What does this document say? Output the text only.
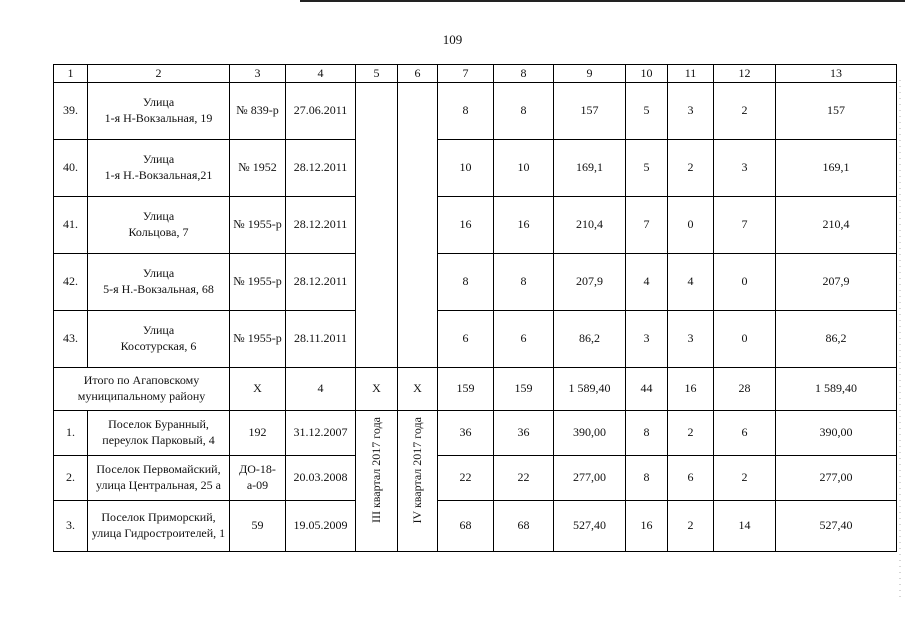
109
1	2	3	4	5	6	7	8	9	10	11	12	13
39.	Улица
1-я Н-Вокзальная, 19	№ 839-р	27.06.2011			8	8	157	5	3	2	157
40.	Улица
1-я Н.-Вокзальная,21	№ 1952	28.12.2011			10	10	169,1	5	2	3	169,1
41.	Улица
Кольцова, 7	№ 1955-р	28.12.2011			16	16	210,4	7	0	7	210,4
42.	Улица
5-я Н.-Вокзальная, 68	№ 1955-р	28.12.2011			8	8	207,9	4	4	0	207,9
43.	Улица
Косотурская, 6	№ 1955-р	28.11.2011			6	6	86,2	3	3	0	86,2
Итого по Агаповскому
муниципальному району		Х	4	Х	Х	159	159	1 589,40	44	16	28	1 589,40
1.	Поселок Буранный,
переулок Парковый, 4	192	31.12.2007	III квартал 2017 года	IV квартал 2017 года	36	36	390,00	8	2	6	390,00
2.	Поселок Первомайский,
улица Центральная, 25 а	ДО-18-а-09	20.03.2008			22	22	277,00	8	6	2	277,00
3.	Поселок Приморский,
улица Гидростроителей, 1	59	19.05.2009			68	68	527,40	16	2	14	527,40
